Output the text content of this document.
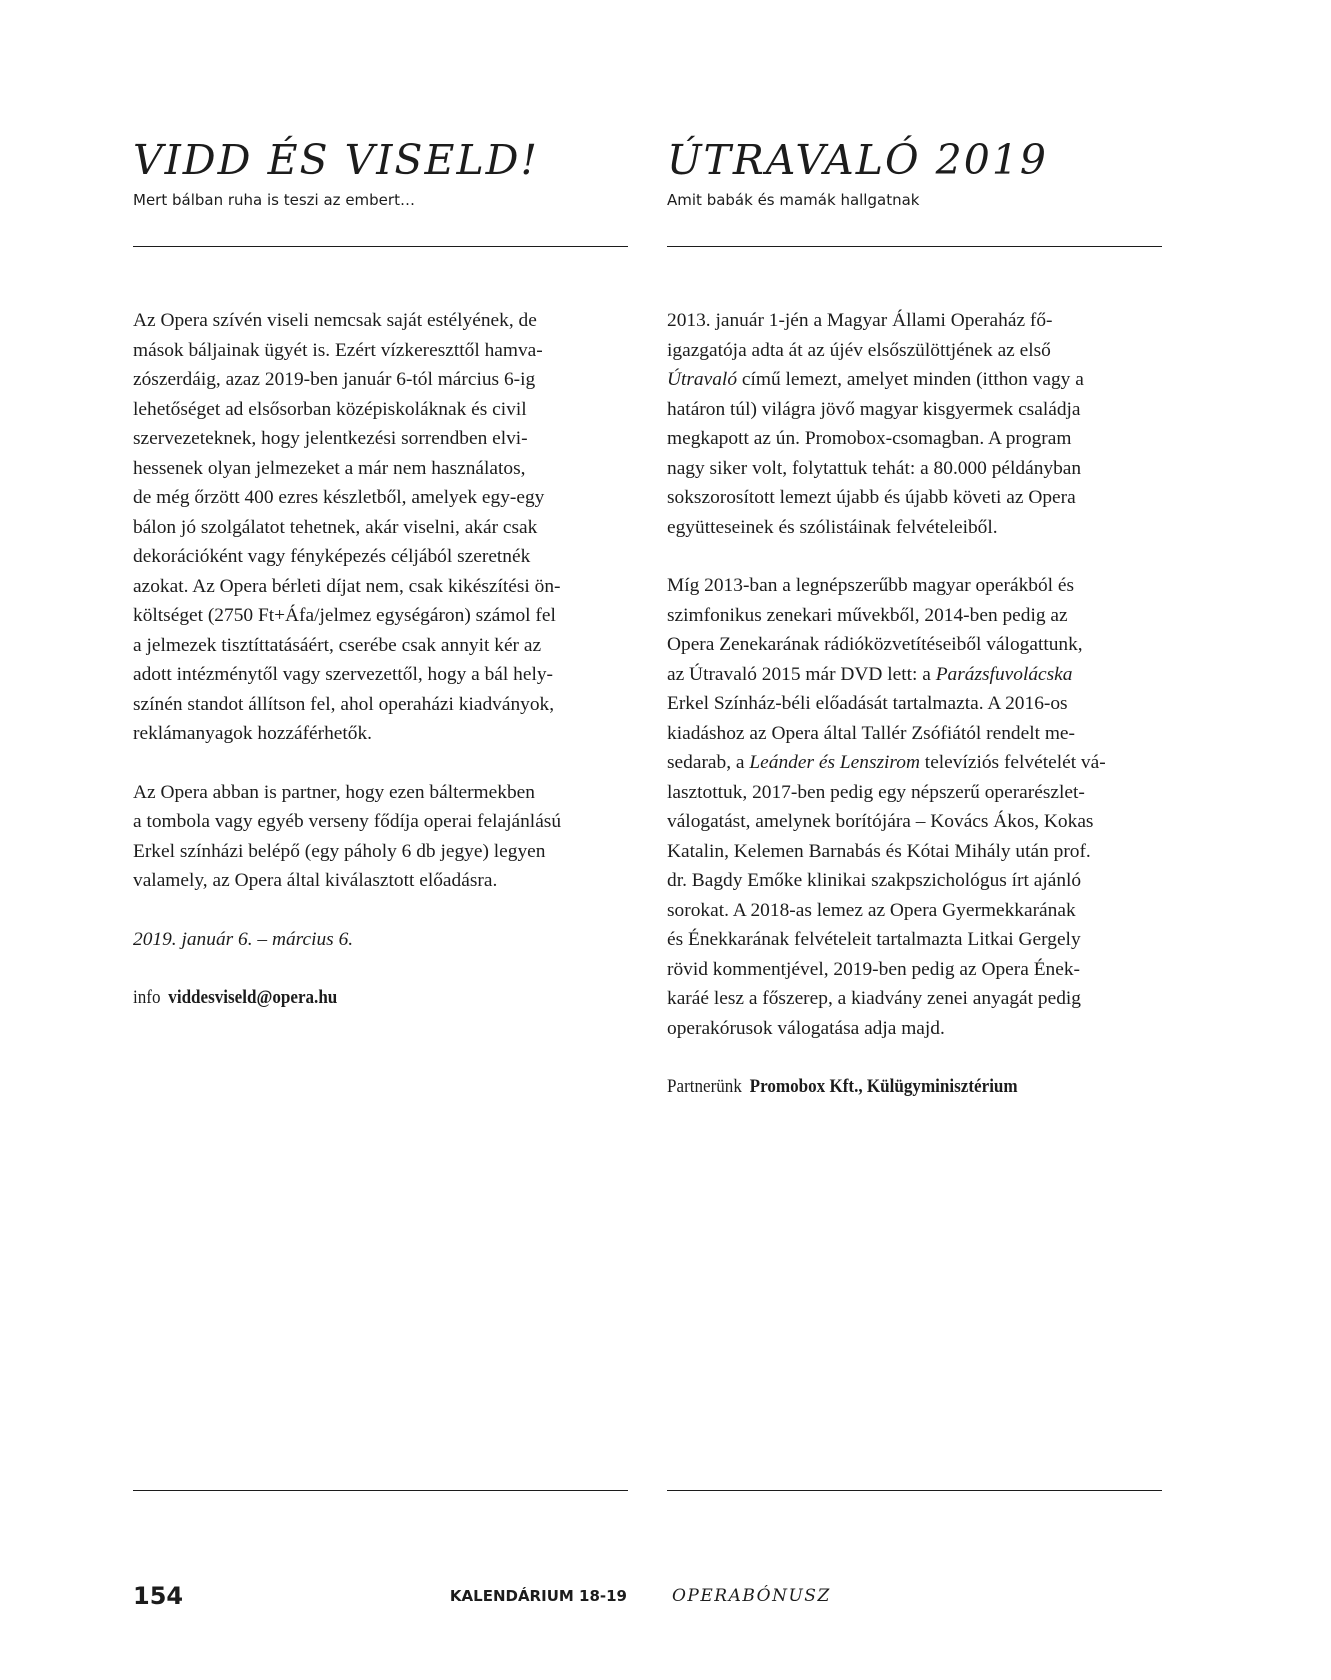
VIDD ÉS VISELD!

Mert bálban ruha is teszi az embert…

Az Opera szívén viseli nemcsak saját estélyének, de
mások báljainak ügyét is. Ezért vízkereszttől hamva-
zószerdáig, azaz 2019-ben január 6-tól március 6-ig
lehetőséget ad elsősorban középiskoláknak és civil
szervezeteknek, hogy jelentkezési sorrendben elvi-
hessenek olyan jelmezeket a már nem használatos,
de még őrzött 400 ezres készletből, amelyek egy-egy
bálon jó szolgálatot tehetnek, akár viselni, akár csak
dekorációként vagy fényképezés céljából szeretnék
azokat. Az Opera bérleti díjat nem, csak kikészítési ön-
költséget (2750 Ft+Áfa/jelmez egységáron) számol fel
a jelmezek tisztíttatásáért, cserébe csak annyit kér az
adott intézménytől vagy szervezettől, hogy a bál hely-
színén standot állítson fel, ahol operaházi kiadványok,
reklámanyagok hozzáférhetők.

Az Opera abban is partner, hogy ezen báltermekben
a tombola vagy egyéb verseny fődíja operai felajánlású
Erkel színházi belépő (egy páholy 6 db jegye) legyen
valamely, az Opera által kiválasztott előadásra.

2019. január 6. – március 6.

info viddesviseld@opera.hu

ÚTRAVALÓ 2019

Amit babák és mamák hallgatnak

2013. január 1-jén a Magyar Állami Operaház fő-
igazgatója adta át az újév elsőszülöttjének az első
Útravaló című lemezt, amelyet minden (itthon vagy a
határon túl) világra jövő magyar kisgyermek családja
megkapott az ún. Promobox-csomagban. A program
nagy siker volt, folytattuk tehát: a 80.000 példányban
sokszorosított lemezt újabb és újabb követi az Opera
együtteseinek és szólistáinak felvételeiből.

Míg 2013-ban a legnépszerűbb magyar operákból és
szimfonikus zenekari művekből, 2014-ben pedig az
Opera Zenekarának rádióközvetítéseiből válogattunk,
az Útravaló 2015 már DVD lett: a Parázsfuvolácska
Erkel Színház-béli előadását tartalmazta. A 2016-os
kiadáshoz az Opera által Tallér Zsófiától rendelt me-
sedarab, a Leánder és Lenszirom televíziós felvételét vá-
lasztottuk, 2017-ben pedig egy népszerű operarészlet-
válogatást, amelynek borítójára – Kovács Ákos, Kokas
Katalin, Kelemen Barnabás és Kótai Mihály után prof.
dr. Bagdy Emőke klinikai szakpszichológus írt ajánló
sorokat. A 2018-as lemez az Opera Gyermekkarának
és Énekkarának felvételeit tartalmazta Litkai Gergely
rövid kommentjével, 2019-ben pedig az Opera Ének-
karáé lesz a főszerep, a kiadvány zenei anyagát pedig
operakórusok válogatása adja majd.

Partnerünk Promobox Kft., Külügyminisztérium

154	KALENDÁRIUM 18-19	OPERABÓNUSZ
